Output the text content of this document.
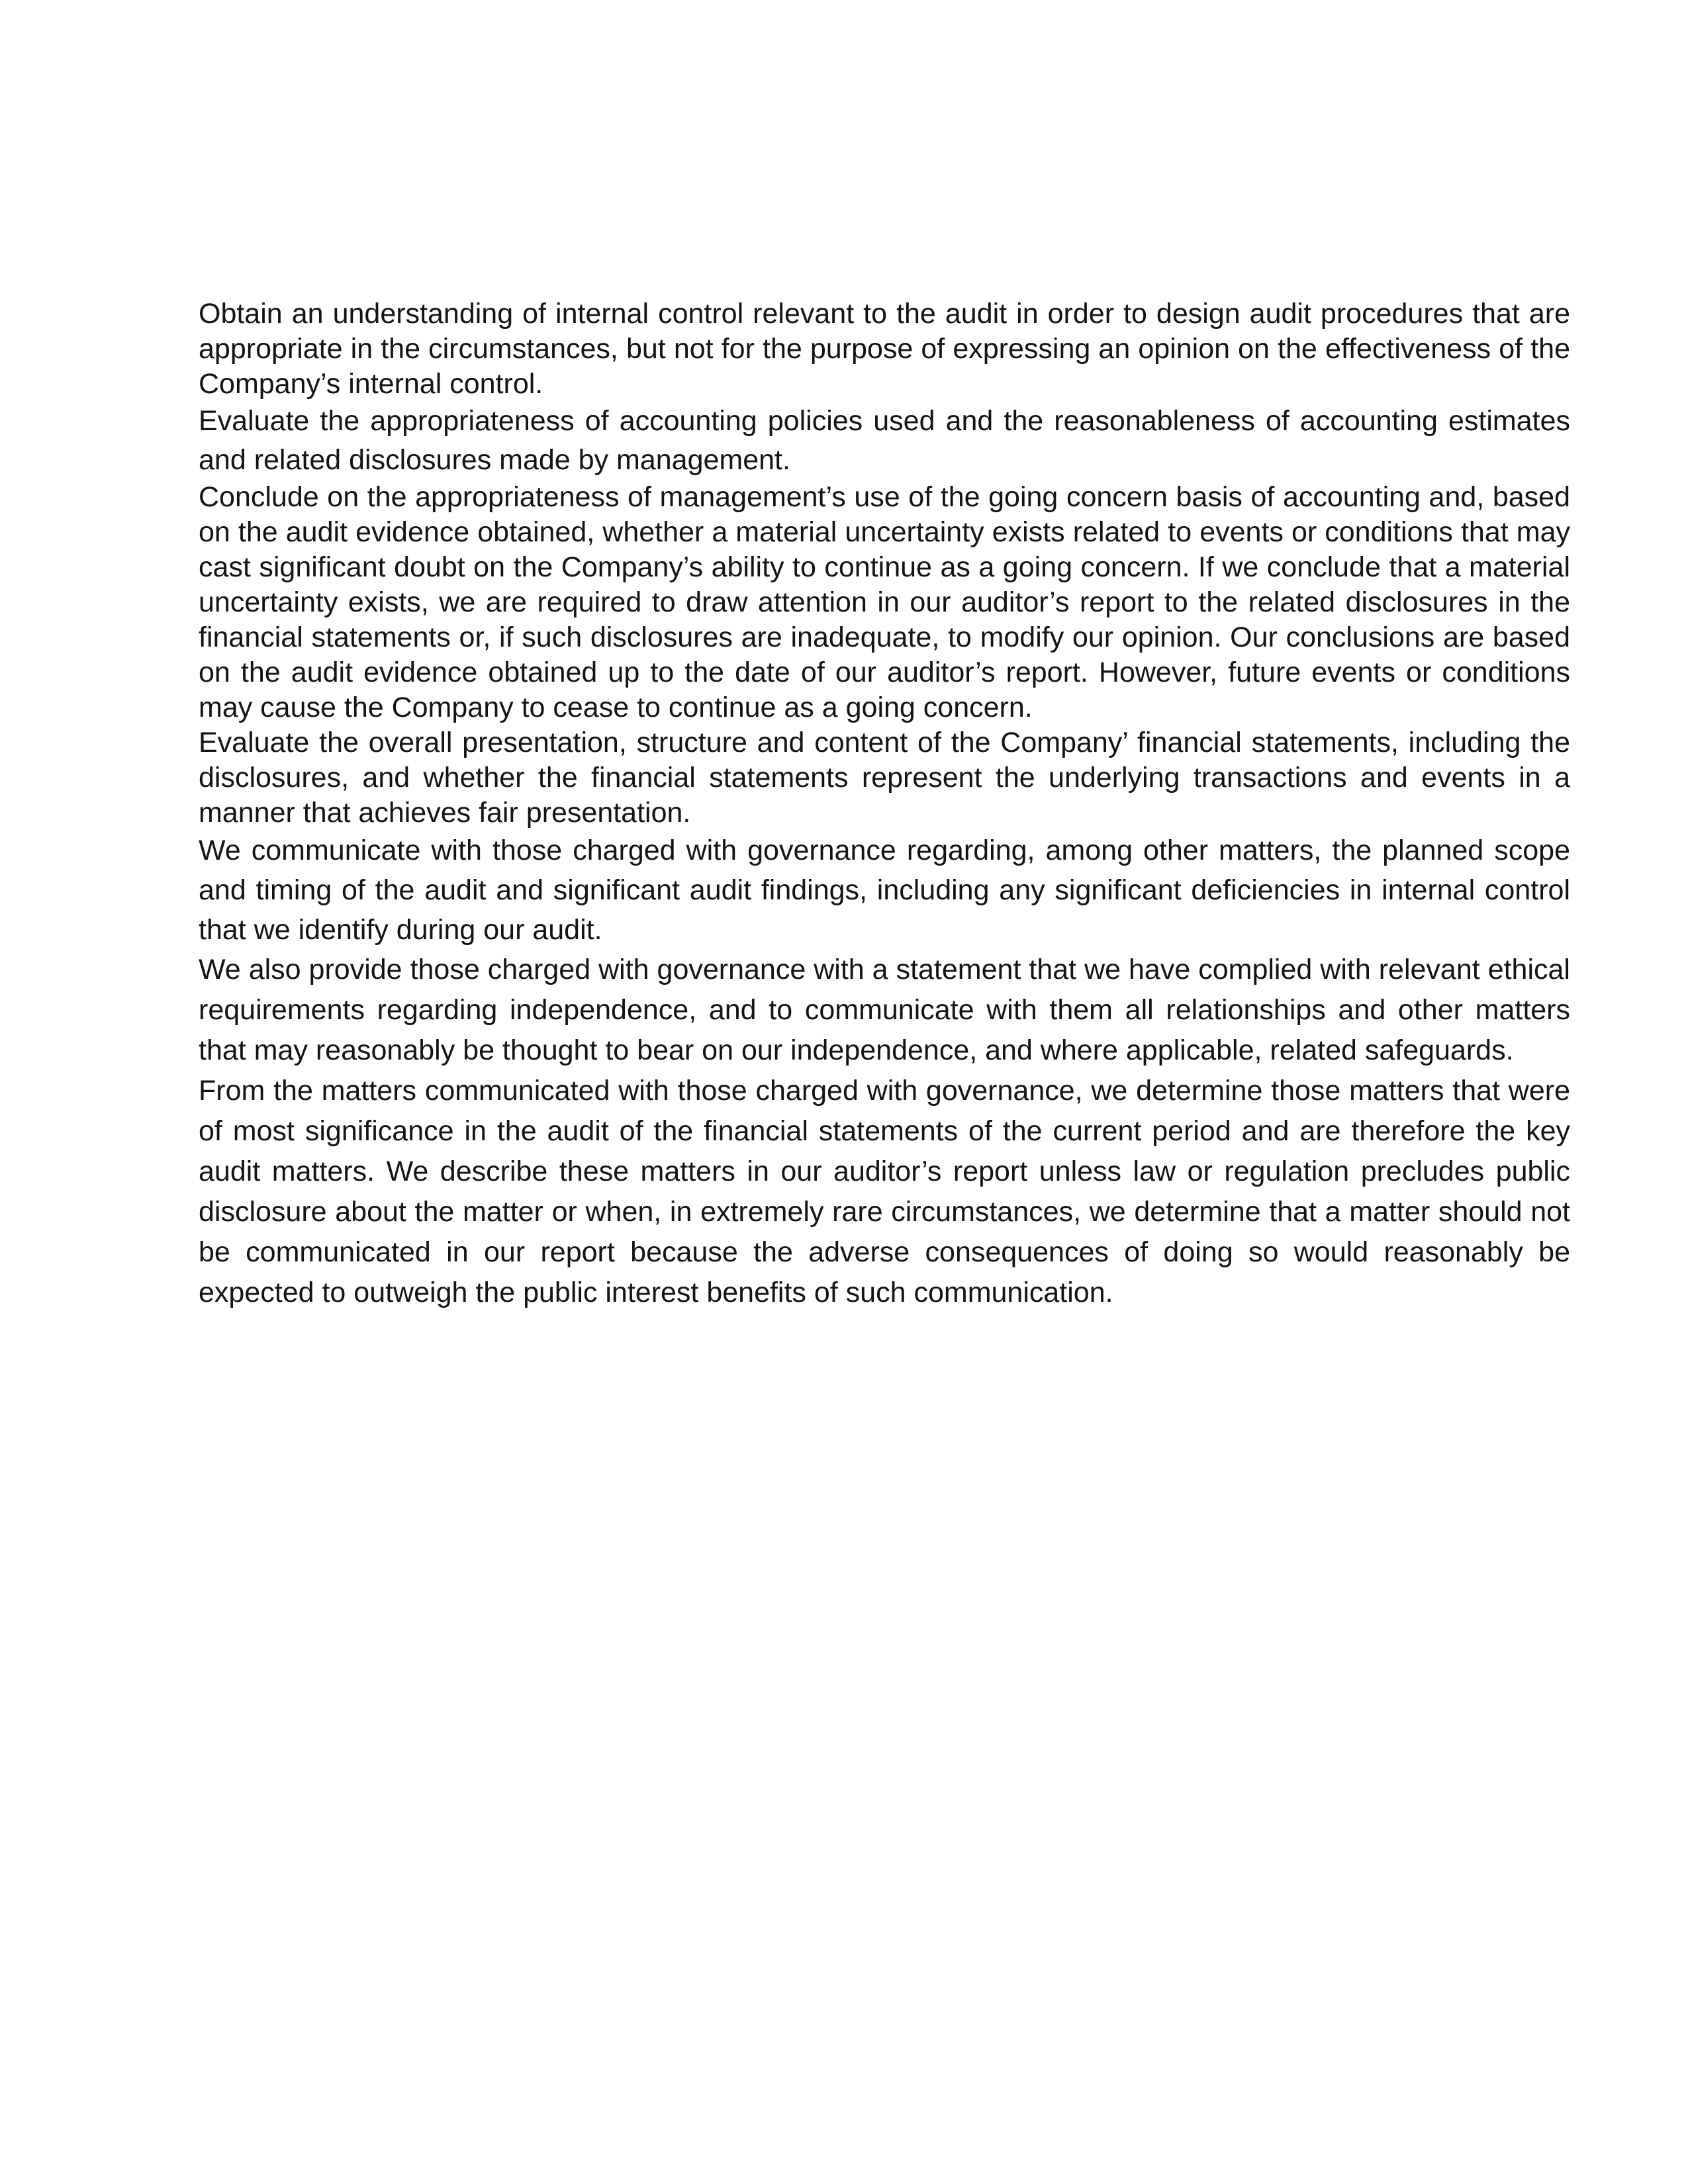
Obtain an understanding of internal control relevant to the audit in order to design audit procedures that are appropriate in the circumstances, but not for the purpose of expressing an opinion on the effectiveness of the Company’s internal control.

Evaluate the appropriateness of accounting policies used and the reasonableness of accounting estimates and related disclosures made by management.

Conclude on the appropriateness of management’s use of the going concern basis of accounting and, based on the audit evidence obtained, whether a material uncertainty exists related to events or conditions that may cast significant doubt on the Company’s ability to continue as a going concern. If we conclude that a material uncertainty exists, we are required to draw attention in our auditor’s report to the related disclosures in the financial statements or, if such disclosures are inadequate, to modify our opinion. Our conclusions are based on the audit evidence obtained up to the date of our auditor’s report. However, future events or conditions may cause the Company to cease to continue as a going concern.

Evaluate the overall presentation, structure and content of the Company’ financial statements, including the disclosures, and whether the financial statements represent the underlying transactions and events in a manner that achieves fair presentation.

We communicate with those charged with governance regarding, among other matters, the planned scope and timing of the audit and significant audit findings, including any significant deficiencies in internal control that we identify during our audit.

We also provide those charged with governance with a statement that we have complied with relevant ethical requirements regarding independence, and to communicate with them all relationships and other matters that may reasonably be thought to bear on our independence, and where applicable, related safeguards.

From the matters communicated with those charged with governance, we determine those matters that were of most significance in the audit of the financial statements of the current period and are therefore the key audit matters. We describe these matters in our auditor’s report unless law or regulation precludes public disclosure about the matter or when, in extremely rare circumstances, we determine that a matter should not be communicated in our report because the adverse consequences of doing so would reasonably be expected to outweigh the public interest benefits of such communication.
